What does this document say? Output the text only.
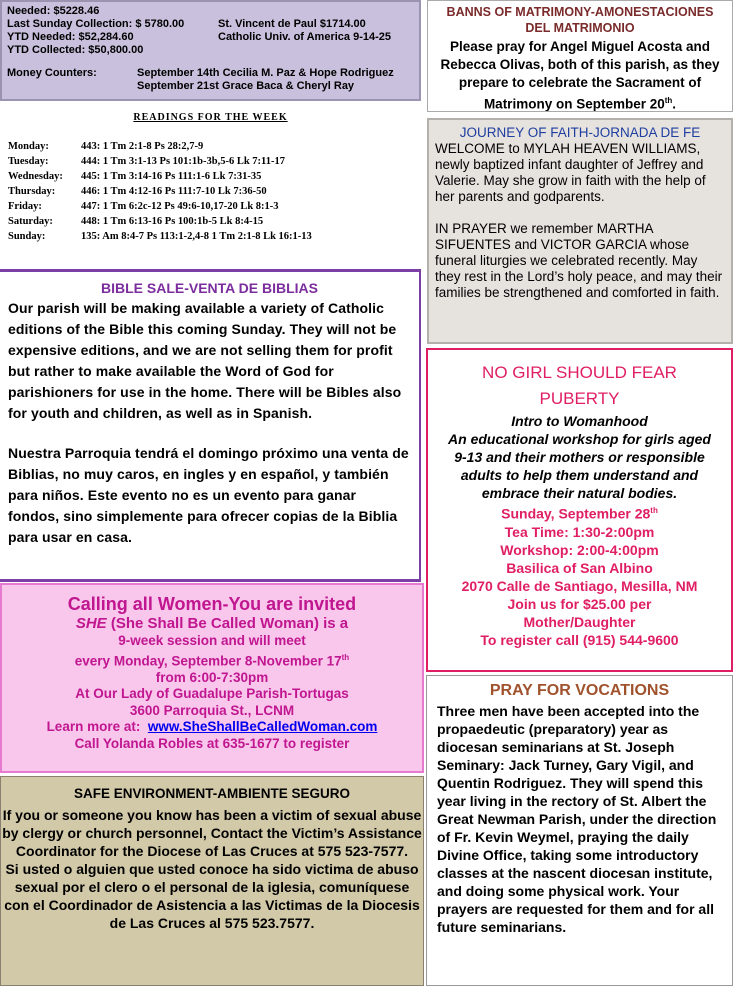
Needed: $5228.46
Last Sunday Collection: $ 5780.00	St. Vincent de Paul $1714.00
YTD Needed: $52,284.60	Catholic Univ. of America 9-14-25
YTD Collected: $50,800.00
Money Counters:	September 14th Cecilia M. Paz & Hope Rodriguez
September 21st Grace Baca & Cheryl Ray
READINGS FOR THE WEEK
Monday:	443: 1 Tm 2:1-8 Ps 28:2,7-9
Tuesday:	444: 1 Tm 3:1-13 Ps 101:1b-3b,5-6 Lk 7:11-17
Wednesday: 445: 1 Tm 3:14-16 Ps 111:1-6 Lk 7:31-35
Thursday: 446: 1 Tm 4:12-16 Ps 111:7-10 Lk 7:36-50
Friday:	447: 1 Tm 6:2c-12 Ps 49:6-10,17-20 Lk 8:1-3
Saturday:	448: 1 Tm 6:13-16 Ps 100:1b-5 Lk 8:4-15
Sunday:	135: Am 8:4-7 Ps 113:1-2,4-8 1 Tm 2:1-8 Lk 16:1-13
BIBLE SALE-VENTA DE BIBLIAS

Our parish will be making available a variety of Catholic editions of the Bible this coming Sunday. They will not be expensive editions, and we are not selling them for profit but rather to make available the Word of God for parishioners for use in the home. There will be Bibles also for youth and children, as well as in Spanish.

Nuestra Parroquia tendrá el domingo próximo una venta de Biblias, no muy caros, en ingles y en español, y también para niños. Este evento no es un evento para ganar fondos, sino simplemente para ofrecer copias de la Biblia para usar en casa.

Calling all Women-You are invited
SHE (She Shall Be Called Woman) is a
9-week session and will meet
every Monday, September 8-November 17th
from 6:00-7:30pm
At Our Lady of Guadalupe Parish-Tortugas
3600 Parroquia St., LCNM
Learn more at: www.SheShallBeCalledWoman.com
Call Yolanda Robles at 635-1677 to register
SAFE ENVIRONMENT-AMBIENTE SEGURO
If you or someone you know has been a victim of sexual abuse by clergy or church personnel, Contact the Victim’s Assistance Coordinator for the Diocese of Las Cruces at 575 523-7577.
Si usted o alguien que usted conoce ha sido victima de abuso sexual por el clero o el personal de la iglesia, comuníquese con el Coordinador de Asistencia a las Victimas de la Diocesis de Las Cruces al 575 523.7577.
BANNS OF MATRIMONY-AMONESTACIONES DEL MATRIMONIO
Please pray for Angel Miguel Acosta and Rebecca Olivas, both of this parish, as they prepare to celebrate the Sacrament of Matrimony on September 20th.
JOURNEY OF FAITH-JORNADA DE FE

WELCOME to MYLAH HEAVEN WILLIAMS, newly baptized infant daughter of Jeffrey and Valerie. May she grow in faith with the help of her parents and godparents.

IN PRAYER we remember MARTHA SIFUENTES and VICTOR GARCIA whose funeral liturgies we celebrated recently. May they rest in the Lord’s holy peace, and may their families be strengthened and comforted in faith.

NO GIRL SHOULD FEAR
PUBERTY
Intro to Womanhood
An educational workshop for girls aged 9-13 and their mothers or responsible adults to help them understand and embrace their natural bodies.
Sunday, September 28th
Tea Time: 1:30-2:00pm
Workshop: 2:00-4:00pm
Basilica of San Albino
2070 Calle de Santiago, Mesilla, NM
Join us for $25.00 per Mother/Daughter
To register call (915) 544-9600
PRAY FOR VOCATIONS
Three men have been accepted into the propaedeutic (preparatory) year as diocesan seminarians at St. Joseph Seminary: Jack Turney, Gary Vigil, and Quentin Rodriguez. They will spend this year living in the rectory of St. Albert the Great Newman Parish, under the direction of Fr. Kevin Weymel, praying the daily Divine Office, taking some introductory classes at the nascent diocesan institute, and doing some physical work. Your prayers are requested for them and for all future seminarians.
